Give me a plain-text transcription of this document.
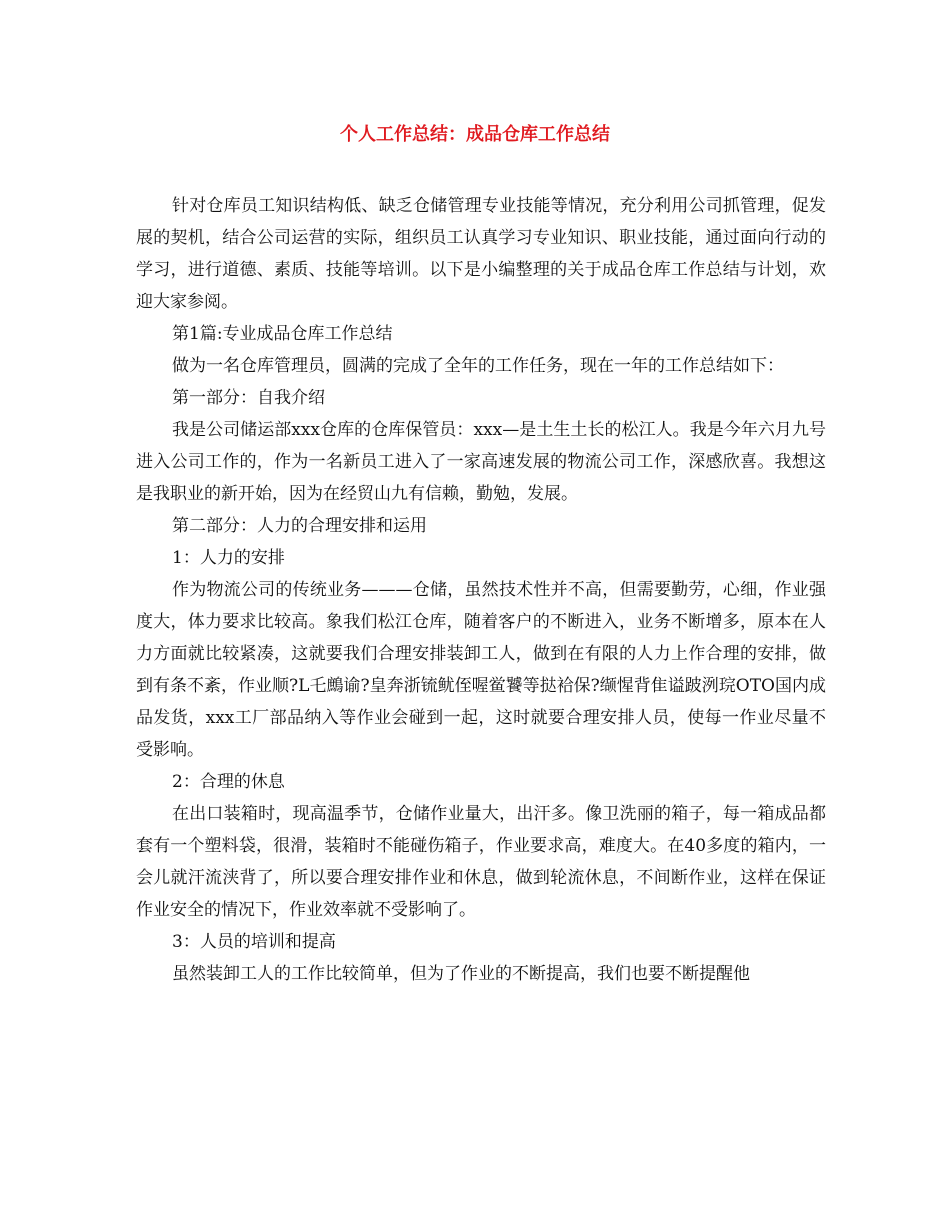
个人工作总结：成品仓库工作总结

针对仓库员工知识结构低、缺乏仓储管理专业技能等情况，充分利用公司抓管理，促发展的契机，结合公司运营的实际，组织员工认真学习专业知识、职业技能，通过面向行动的学习，进行道德、素质、技能等培训。以下是小编整理的关于成品仓库工作总结与计划，欢迎大家参阅。

第1篇:专业成品仓库工作总结

做为一名仓库管理员，圆满的完成了全年的工作任务，现在一年的工作总结如下：

第一部分：自我介绍

我是公司储运部xxx仓库的仓库保管员：xxx—是土生土长的松江人。我是今年六月九号进入公司工作的，作为一名新员工进入了一家高速发展的物流公司工作，深感欣喜。我想这是我职业的新开始，因为在经贸山九有信赖，勤勉，发展。

第二部分：人力的合理安排和运用

1：人力的安排

作为物流公司的传统业务———仓储，虽然技术性并不高，但需要勤劳，心细，作业强度大，体力要求比较高。象我们松江仓库，随着客户的不断进入，业务不断增多，原本在人力方面就比较紧凑，这就要我们合理安排装卸工人，做到在有限的人力上作合理的安排，做到有条不紊，作业顺?L乇鷓谕?皇奔浙锍鱿侄喔鲎饕等挞袷保?缬惺背隹谥跛洌琓OTO国内成品发货，xxx工厂部品纳入等作业会碰到一起，这时就要合理安排人员，使每一作业尽量不受影响。

2：合理的休息

在出口装箱时，现高温季节，仓储作业量大，出汗多。像卫洗丽的箱子，每一箱成品都套有一个塑料袋，很滑，装箱时不能碰伤箱子，作业要求高，难度大。在40多度的箱内，一会儿就汗流浃背了，所以要合理安排作业和休息，做到轮流休息，不间断作业，这样在保证作业安全的情况下，作业效率就不受影响了。

3：人员的培训和提高

虽然装卸工人的工作比较简单，但为了作业的不断提高，我们也要不断提醒他
